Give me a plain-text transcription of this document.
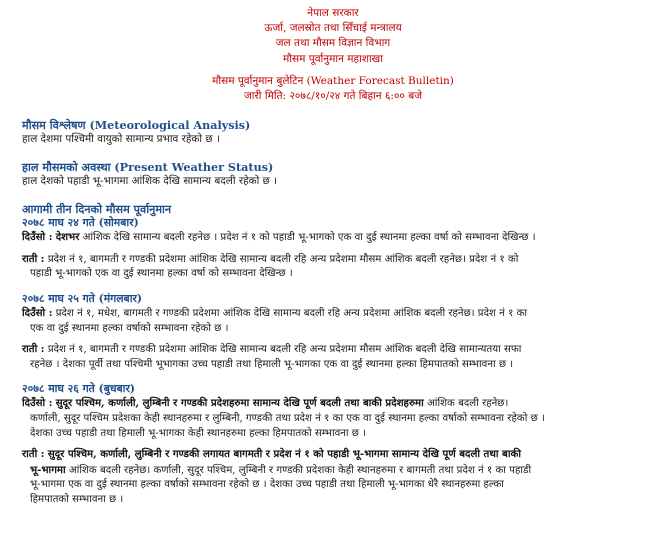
नेपाल सरकार
ऊर्जा, जलस्रोत तथा सिँचाई मन्त्रालय
जल तथा मौसम विज्ञान विभाग
मौसम पूर्वानुमान महाशाखा
मौसम पूर्वानुमान बुलेटिन (Weather Forecast Bulletin)
जारी मिति: २०७८/१०/२४ गते बिहान ६:०० बजे
मौसम विश्लेषण (Meteorological Analysis)
हाल देशमा पश्चिमी वायुको सामान्य प्रभाव रहेको छ ।
हाल मौसमको अवस्था (Present Weather Status)
हाल देशको पहाडी भू-भागमा आंशिक देखि सामान्य बदली रहेको छ ।
आगामी तीन दिनको मौसम पूर्वानुमान
२०७८ माघ २४ गते (सोमबार)
दिउँसो : देशभर आंशिक देखि सामान्य बदली रहनेछ । प्रदेश नं १ को पहाडी भू-भागको एक वा दुई स्थानमा हल्का वर्षा को सम्भावना देखिन्छ ।
राती : प्रदेश नं १, बागमती र गण्डकी प्रदेशमा आंशिक देखि सामान्य बदली रहि अन्य प्रदेशमा मौसम आंशिक बदली रहनेछ। प्रदेश नं १ को
पहाडी भू-भागको एक वा दुई स्थानमा हल्का वर्षा को सम्भावना देखिन्छ ।
२०७८ माघ २५ गते (मंगलबार)
दिउँसो : प्रदेश नं १, मधेश, बागमती र गण्डकी प्रदेशमा आंशिक देखि सामान्य बदली रहि अन्य प्रदेशमा आंशिक बदली रहनेछ। प्रदेश नं १ का
एक वा दुई स्थानमा हल्का वर्षाको सम्भावना रहेको छ ।
राती : प्रदेश नं १, बागमती र गण्डकी प्रदेशमा आंशिक देखि सामान्य बदली रहि अन्य प्रदेशमा मौसम आंशिक बदली देखि सामान्यतया सफा
रहनेछ । देशका पूर्वी तथा पश्चिमी भूभागका उच्च पहाडी तथा हिमाली भू-भागका एक वा दुई स्थानमा हल्का हिमपातको सम्भावना छ ।
२०७८ माघ २६ गते (बुधबार)
दिउँसो : सुदूर पश्चिम, कर्णाली, लुम्बिनी र गण्डकी प्रदेशहरुमा सामान्य देखि पूर्ण बदली तथा बाकी प्रदेशहरुमा आंशिक बदली रहनेछ।
कर्णाली, सुदूर पश्चिम प्रदेशका केही स्थानहरुमा र लुम्बिनी, गण्डकी तथा प्रदेश नं १ का एक वा दुई स्थानमा हल्का वर्षाको सम्भावना रहेको छ ।
देशका उच्च पहाडी तथा हिमाली भू-भागका केही स्थानहरुमा हल्का हिमपातको सम्भावना छ ।
राती : सुदूर पश्चिम, कर्णाली, लुम्बिनी र गण्डकी लगायत बागमती र प्रदेश नं १ को पहाडी भू-भागमा सामान्य देखि पूर्ण बदली तथा बाकी
भू-भागमा आंशिक बदली रहनेछ। कर्णाली, सुदूर पश्चिम, लुम्बिनी र गण्डकी प्रदेशका केही स्थानहरुमा र बागमती तथा प्रदेश नं १ का पहाडी
भू-भागमा एक वा दुई स्थानमा हल्का वर्षाको सम्भावना रहेको छ । देशका उच्च पहाडी तथा हिमाली भू-भागका धेरै स्थानहरुमा हल्का
हिमपातको सम्भावना छ ।
